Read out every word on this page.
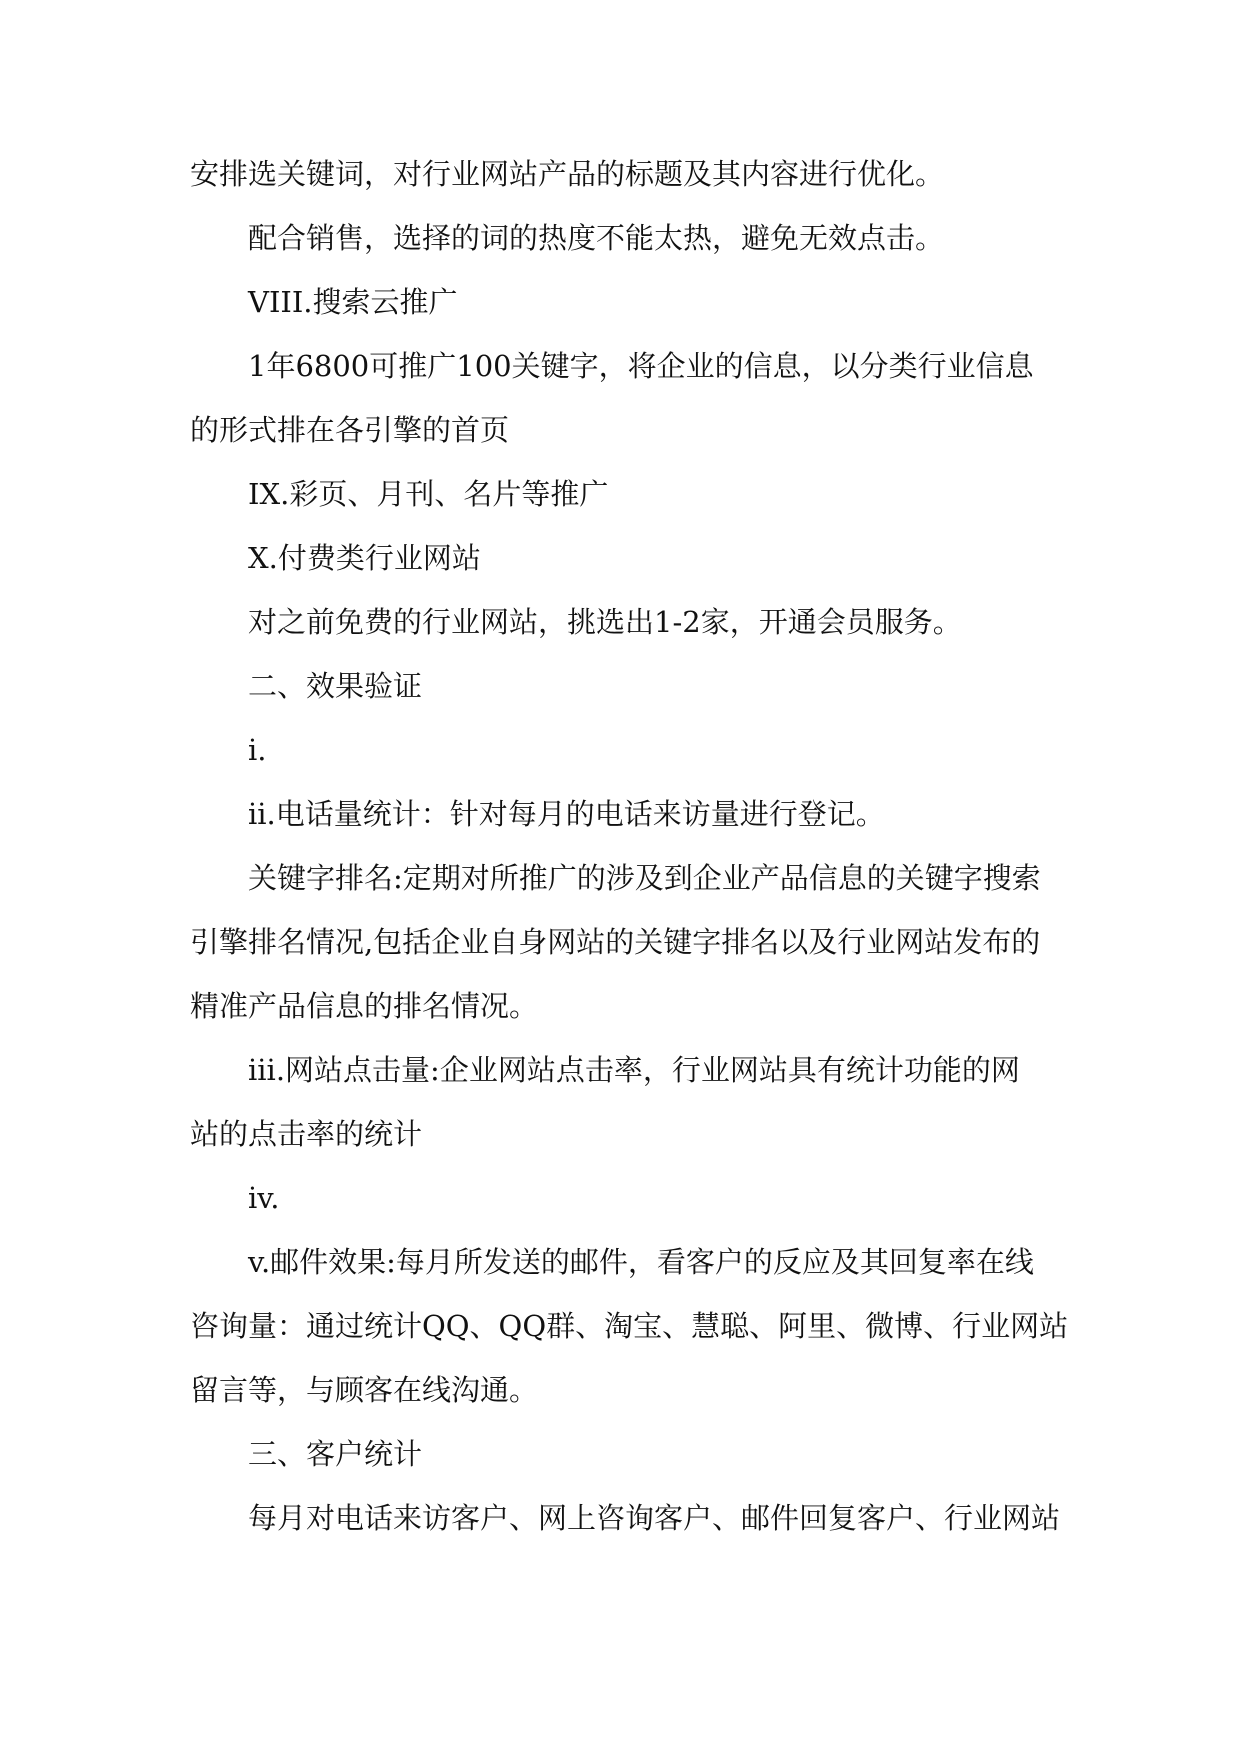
安排选关键词，对行业网站产品的标题及其内容进行优化。

配合销售，选择的词的热度不能太热，避免无效点击。

VIII.搜索云推广

1年6800可推广100关键字，将企业的信息，以分类行业信息

的形式排在各引擎的首页

IX.彩页、月刊、名片等推广

X.付费类行业网站

对之前免费的行业网站，挑选出1-2家，开通会员服务。

二、效果验证

i.

ii.电话量统计：针对每月的电话来访量进行登记。

关键字排名:定期对所推广的涉及到企业产品信息的关键字搜索

引擎排名情况,包括企业自身网站的关键字排名以及行业网站发布的

精准产品信息的排名情况。

iii.网站点击量:企业网站点击率，行业网站具有统计功能的网

站的点击率的统计

iv.

v.邮件效果:每月所发送的邮件，看客户的反应及其回复率在线

咨询量：通过统计QQ、QQ群、淘宝、慧聪、阿里、微博、行业网站

留言等，与顾客在线沟通。

三、客户统计

每月对电话来访客户、网上咨询客户、邮件回复客户、行业网站
